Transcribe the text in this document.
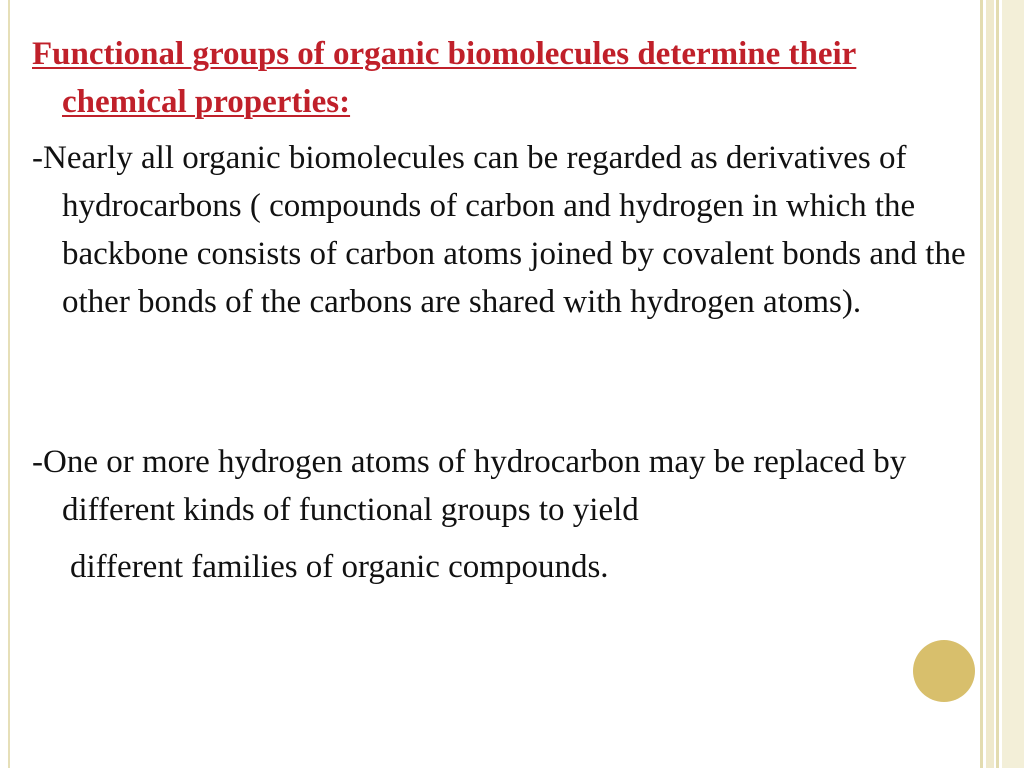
Functional groups of organic biomolecules determine their chemical properties:

-Nearly all organic biomolecules can be regarded as derivatives of hydrocarbons ( compounds of carbon and hydrogen in which the backbone consists of carbon atoms joined by covalent bonds and the other bonds of the carbons are shared with hydrogen atoms).

-One or more hydrogen atoms of hydrocarbon may be replaced by different kinds of functional groups to yield

different families of organic compounds.
